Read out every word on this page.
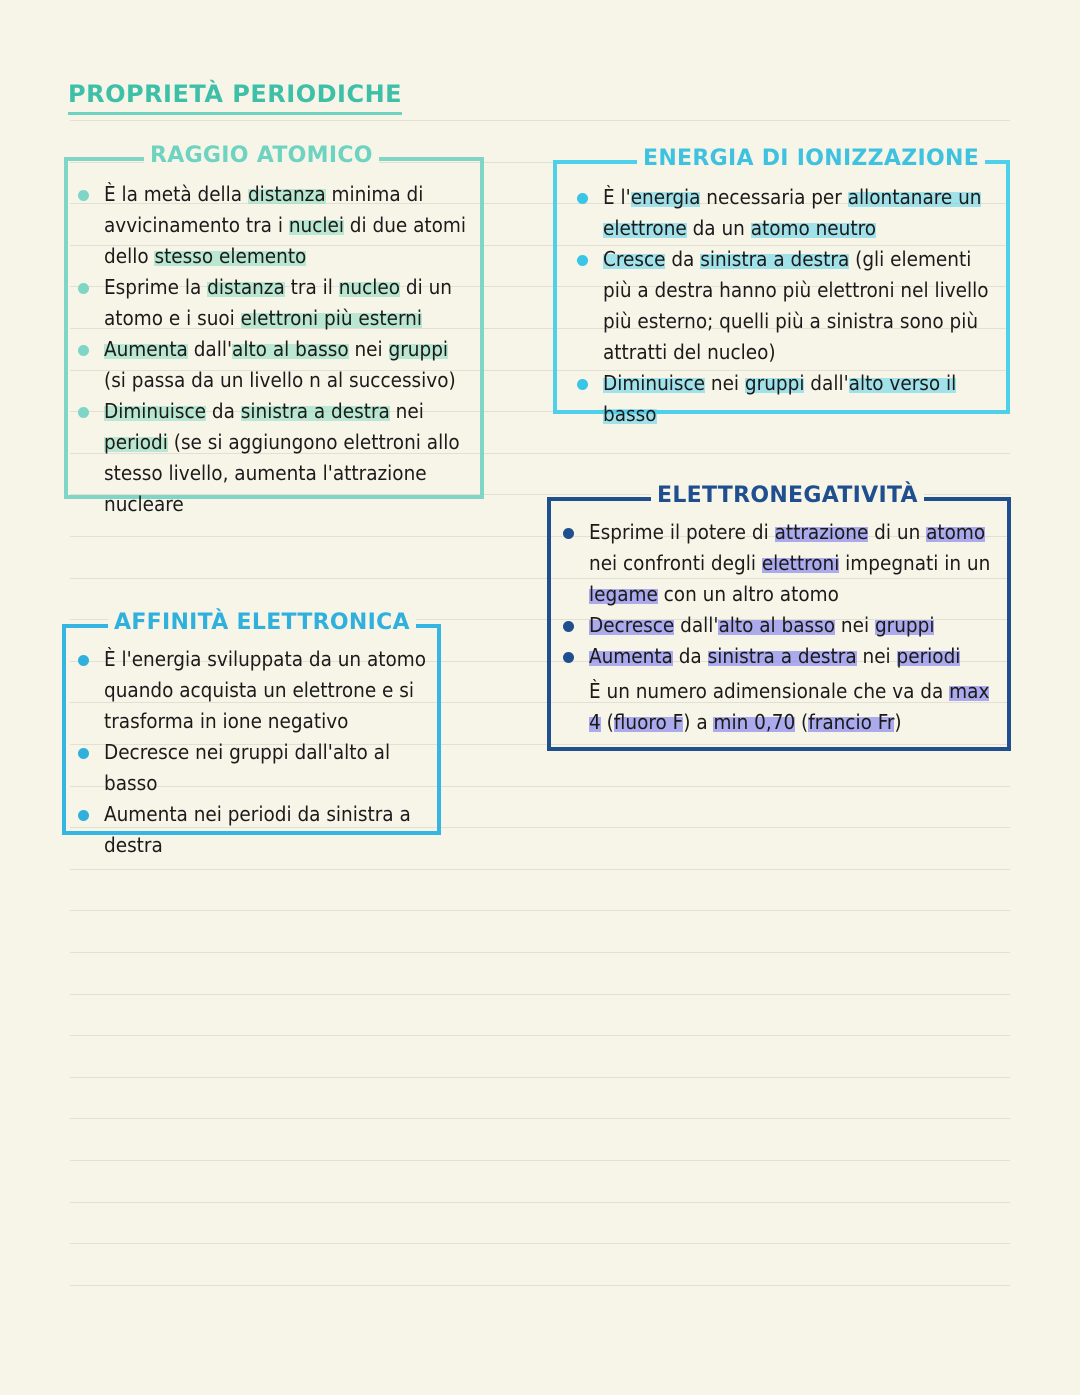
PROPRIETÀ PERIODICHE
RAGGIO ATOMICO
È la metà della distanza minima di avvicinamento tra i nuclei di due atomi dello stesso elemento
Esprime la distanza tra il nucleo di un atomo e i suoi elettroni più esterni
Aumenta dall'alto al basso nei gruppi (si passa da un livello n al successivo)
Diminuisce da sinistra a destra nei periodi (se si aggiungono elettroni allo stesso livello, aumenta l'attrazione nucleare
ENERGIA DI IONIZZAZIONE
È l'energia necessaria per allontanare un elettrone da un atomo neutro
Cresce da sinistra a destra (gli elementi più a destra hanno più elettroni nel livello più esterno; quelli più a sinistra sono più attratti del nucleo)
Diminuisce nei gruppi dall'alto verso il basso
ELETTRONEGATIVITÀ
Esprime il potere di attrazione di un atomo nei confronti degli elettroni impegnati in un legame con un altro atomo
Decresce dall'alto al basso nei gruppi
Aumenta da sinistra a destra nei periodi
È un numero adimensionale che va da max 4 (fluoro F) a min 0,70 (francio Fr)
AFFINITÀ ELETTRONICA
È l'energia sviluppata da un atomo quando acquista un elettrone e si trasforma in ione negativo
Decresce nei gruppi dall'alto al basso
Aumenta nei periodi da sinistra a destra
